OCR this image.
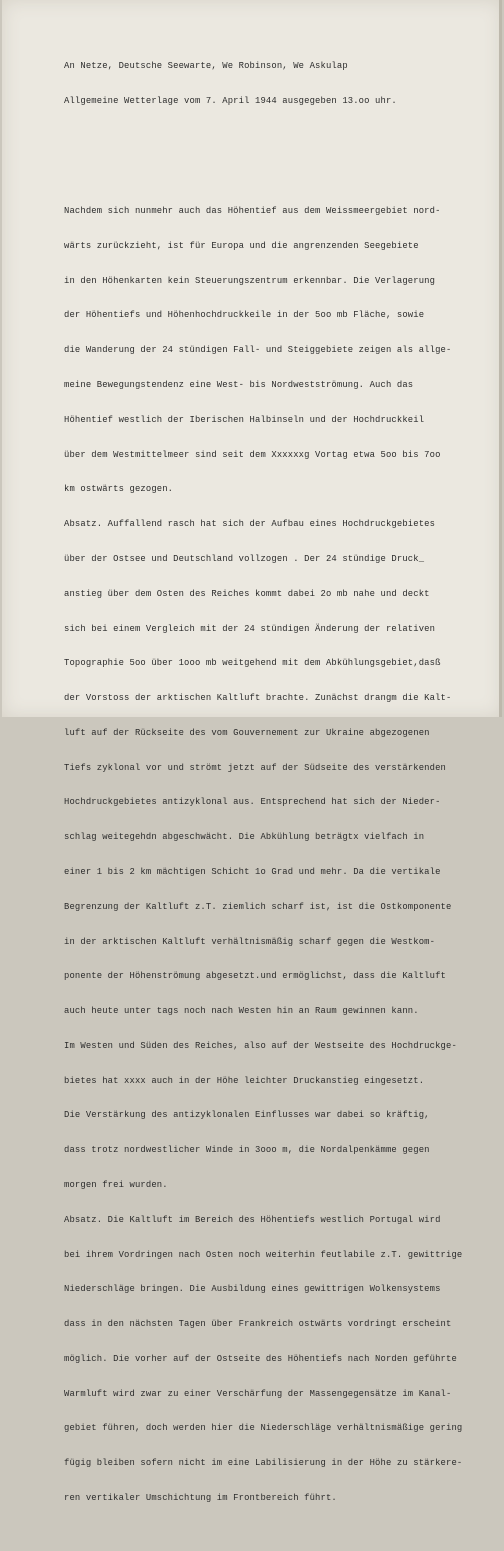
An Netze, Deutsche Seewarte, We Robinson, We Askulap

Allgemeine Wetterlage vom 7. April 1944 ausgegeben 13.oo uhr.

Nachdem sich nunmehr auch das Höhentief aus dem Weissmeergebiet nord-

wärts zurückzieht, ist für Europa und die angrenzenden Seegebiete

in den Höhenkarten kein Steuerungszentrum erkennbar. Die Verlagerung

der Höhentiefs und Höhenhochdruckkeile in der 5oo mb Fläche, sowie

die Wanderung der 24 stündigen Fall- und Steiggebiete zeigen als allge-

meine Bewegungstendenz eine West- bis Nordwestströmung. Auch das

Höhentief westlich der Iberischen Halbinseln und der Hochdruckkeil

über dem Westmittelmeer sind seit dem Xxxxxxg Vortag etwa 5oo bis 7oo

km ostwärts gezogen.

Absatz. Auffallend rasch hat sich der Aufbau eines Hochdruckgebietes

über der Ostsee und Deutschland vollzogen . Der 24 stündige Druck_

anstieg über dem Osten des Reiches kommt dabei 2o mb nahe und deckt

sich bei einem Vergleich mit der 24 stündigen Änderung der relativen

Topographie 5oo über 1ooo mb weitgehend mit dem Abkühlungsgebiet,dasß

der Vorstoss der arktischen Kaltluft brachte. Zunächst drangm die Kalt-

luft auf der Rückseite des vom Gouvernement zur Ukraine abgezogenen

Tiefs zyklonal vor und strömt jetzt auf der Südseite des verstärkenden

Hochdruckgebietes antizyklonal aus. Entsprechend hat sich der Nieder-

schlag weitegehdn abgeschwächt. Die Abkühlung beträgtx vielfach in

einer 1 bis 2 km mächtigen Schicht 1o Grad und mehr. Da die vertikale

Begrenzung der Kaltluft z.T. ziemlich scharf ist, ist die Ostkomponente

in der arktischen Kaltluft verhältnismäßig scharf gegen die Westkom-

ponente der Höhenströmung abgesetzt.und ermöglichst, dass die Kaltluft

auch heute unter tags noch nach Westen hin an Raum gewinnen kann.

Im Westen und Süden des Reiches, also auf der Westseite des Hochdruckge-

bietes hat xxxx auch in der Höhe leichter Druckanstieg eingesetzt.

Die Verstärkung des antizyklonalen Einflusses war dabei so kräftig,

dass trotz nordwestlicher Winde in 3ooo m, die Nordalpenkämme gegen

morgen frei wurden.

Absatz. Die Kaltluft im Bereich des Höhentiefs westlich Portugal wird

bei ihrem Vordringen nach Osten noch weiterhin feutlabile z.T. gewittrige

Niederschläge bringen. Die Ausbildung eines gewittrigen Wolkensystems

dass in den nächsten Tagen über Frankreich ostwärts vordringt erscheint

möglich. Die vorher auf der Ostseite des Höhentiefs nach Norden geführte

Warmluft wird zwar zu einer Verschärfung der Massengegensätze im Kanal-

gebiet führen, doch werden hier die Niederschläge verhältnismäßige gering

fügig bleiben sofern nicht im eine Labilisierung in der Höhe zu stärkere-

ren vertikaler Umschichtung im Frontbereich führt.
